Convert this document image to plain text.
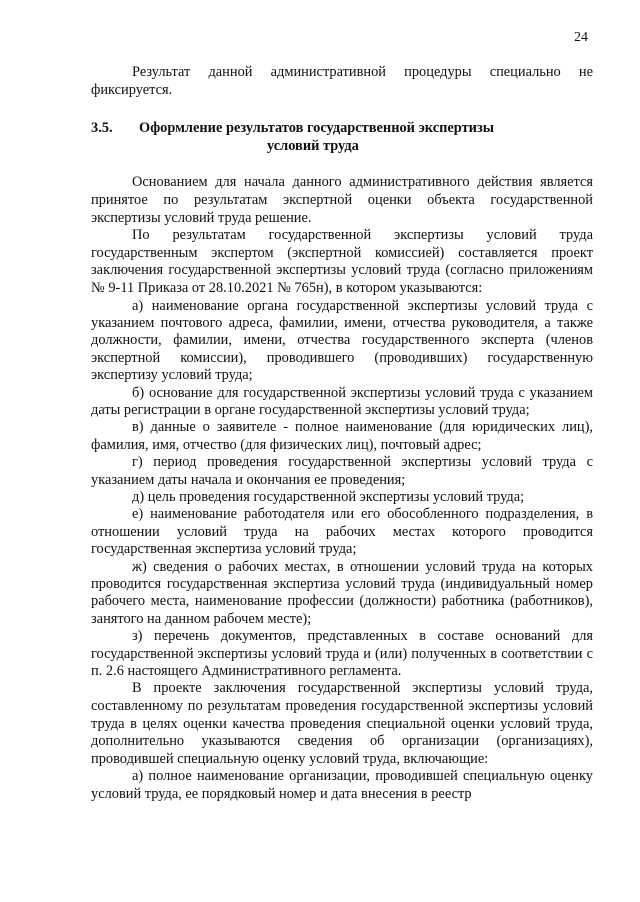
24

Результат данной административной процедуры специально не фиксируется.

3.5. Оформление результатов государственной экспертизы
условий труда

Основанием для начала данного административного действия является принятое по результатам экспертной оценки объекта государственной экспертизы условий труда решение.

По результатам государственной экспертизы условий труда государственным экспертом (экспертной комиссией) составляется проект заключения государственной экспертизы условий труда (согласно приложениям № 9-11 Приказа от 28.10.2021 № 765н), в котором указываются:

а) наименование органа государственной экспертизы условий труда с указанием почтового адреса, фамилии, имени, отчества руководителя, а также должности, фамилии, имени, отчества государственного эксперта (членов экспертной комиссии), проводившего (проводивших) государственную экспертизу условий труда;

б) основание для государственной экспертизы условий труда с указанием даты регистрации в органе государственной экспертизы условий труда;

в) данные о заявителе - полное наименование (для юридических лиц), фамилия, имя, отчество (для физических лиц), почтовый адрес;

г) период проведения государственной экспертизы условий труда с указанием даты начала и окончания ее проведения;

д) цель проведения государственной экспертизы условий труда;

е) наименование работодателя или его обособленного подразделения, в отношении условий труда на рабочих местах которого проводится государственная экспертиза условий труда;

ж) сведения о рабочих местах, в отношении условий труда на которых проводится государственная экспертиза условий труда (индивидуальный номер рабочего места, наименование профессии (должности) работника (работников), занятого на данном рабочем месте);

з) перечень документов, представленных в составе оснований для государственной экспертизы условий труда и (или) полученных в соответствии с п. 2.6 настоящего Административного регламента.

В проекте заключения государственной экспертизы условий труда, составленному по результатам проведения государственной экспертизы условий труда в целях оценки качества проведения специальной оценки условий труда, дополнительно указываются сведения об организации (организациях), проводившей специальную оценку условий труда, включающие:

а) полное наименование организации, проводившей специальную оценку условий труда, ее порядковый номер и дата внесения в реестр
